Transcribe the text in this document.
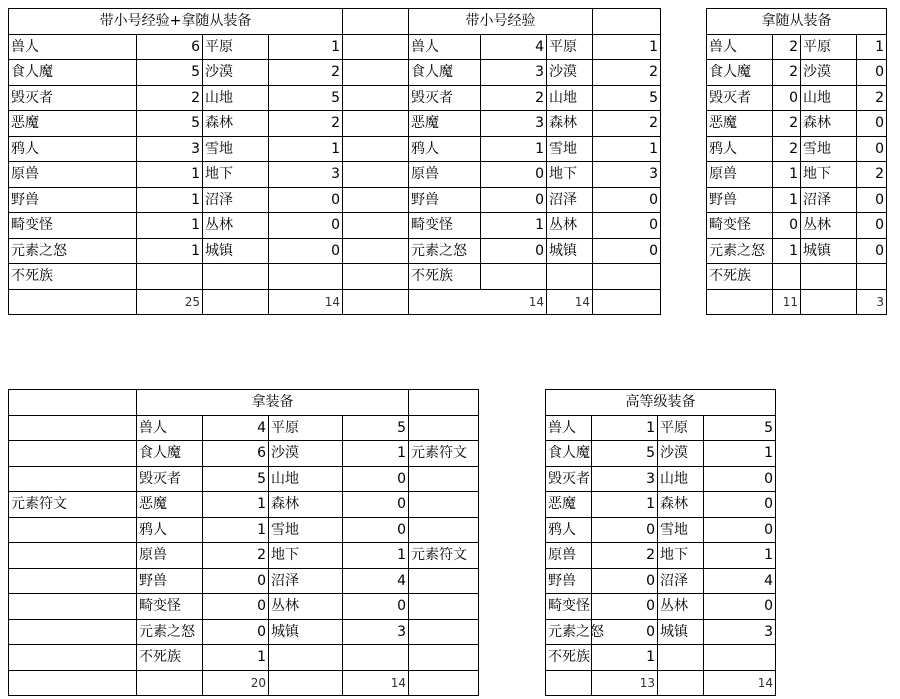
带小号经验+拿随从装备			
兽人	6	平原	1
食人魔	5	沙漠	2
毁灭者	2	山地	5
恶魔	5	森林	2
鸦人	3	雪地	1
原兽	1	地下	3
野兽	1	沼泽	0
畸变怪	1	丛林	0
元素之怒	1	城镇	0
不死族			
	25		14
	带小号经验			
	兽人	4	平原	1
	食人魔	3	沙漠	2
	毁灭者	2	山地	5
	恶魔	3	森林	2
	鸦人	1	雪地	1
	原兽	0	地下	3
	野兽	0	沼泽	0
	畸变怪	1	丛林	0
	元素之怒	0	城镇	0
	不死族			
	14		14	
拿随从装备			
兽人	2	平原	1
食人魔	2	沙漠	0
毁灭者	0	山地	2
恶魔	2	森林	0
鸦人	2	雪地	0
原兽	1	地下	2
野兽	1	沼泽	0
畸变怪	0	丛林	0
元素之怒	1	城镇	0
不死族			
	11		3
	拿装备				
	兽人	4	平原	5	
	食人魔	6	沙漠	1	元素符文
	毁灭者	5	山地	0	
元素符文	恶魔	1	森林	0	
	鸦人	1	雪地	0	
	原兽	2	地下	1	元素符文
	野兽	0	沼泽	4	
	畸变怪	0	丛林	0	
	元素之怒	0	城镇	3	
	不死族	1			
		20		14	
高等级装备			
兽人	1	平原	5
食人魔	5	沙漠	1
毁灭者	3	山地	0
恶魔	1	森林	0
鸦人	0	雪地	0
原兽	2	地下	1
野兽	0	沼泽	4
畸变怪	0	丛林	0
元素之怒	0	城镇	3
不死族	1		
	13		14
